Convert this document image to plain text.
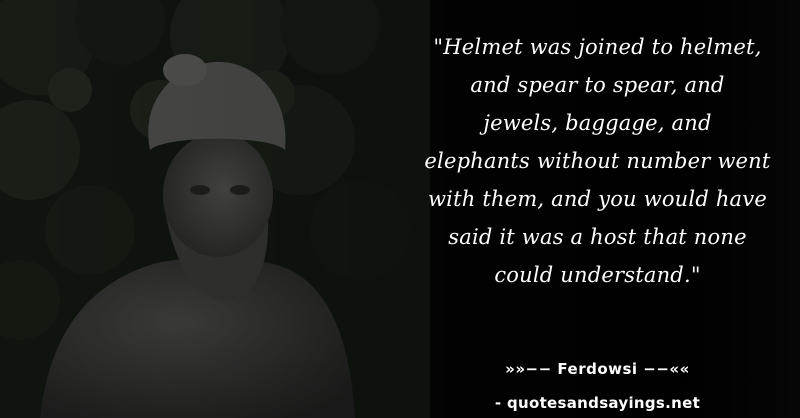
"Helmet was joined to helmet,
and spear to spear, and
jewels, baggage, and
elephants without number went
with them, and you would have
said it was a host that none
could understand."
»»−− Ferdowsi −−««
- quotesandsayings.net
